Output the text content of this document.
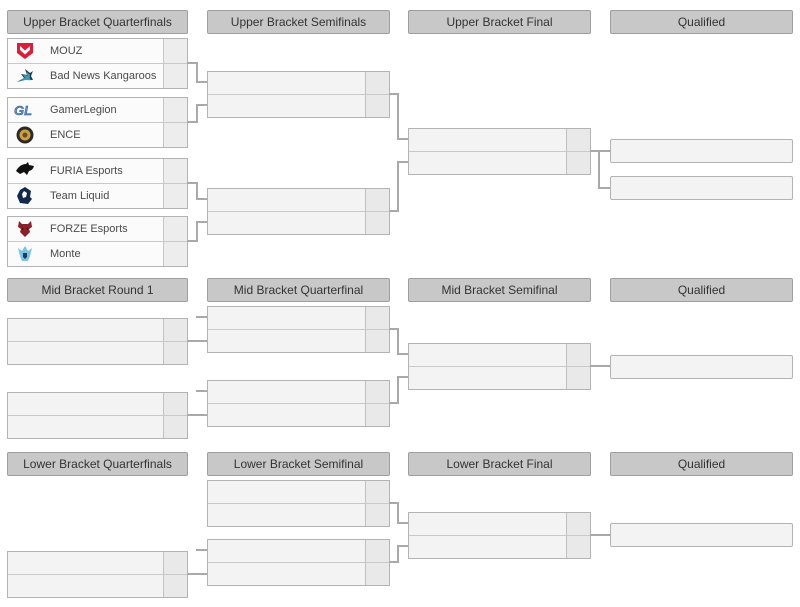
Upper Bracket Quarterfinals	Upper Bracket Semifinals	Upper Bracket Final	Qualified
MOUZ
Bad News Kangaroos
GL GamerLegion
ENCE
FURIA Esports
Team Liquid
FORZE Esports
Monte
Mid Bracket Round 1	Mid Bracket Quarterfinal	Mid Bracket Semifinal	Qualified
Lower Bracket Quarterfinals	Lower Bracket Semifinal	Lower Bracket Final	Qualified
